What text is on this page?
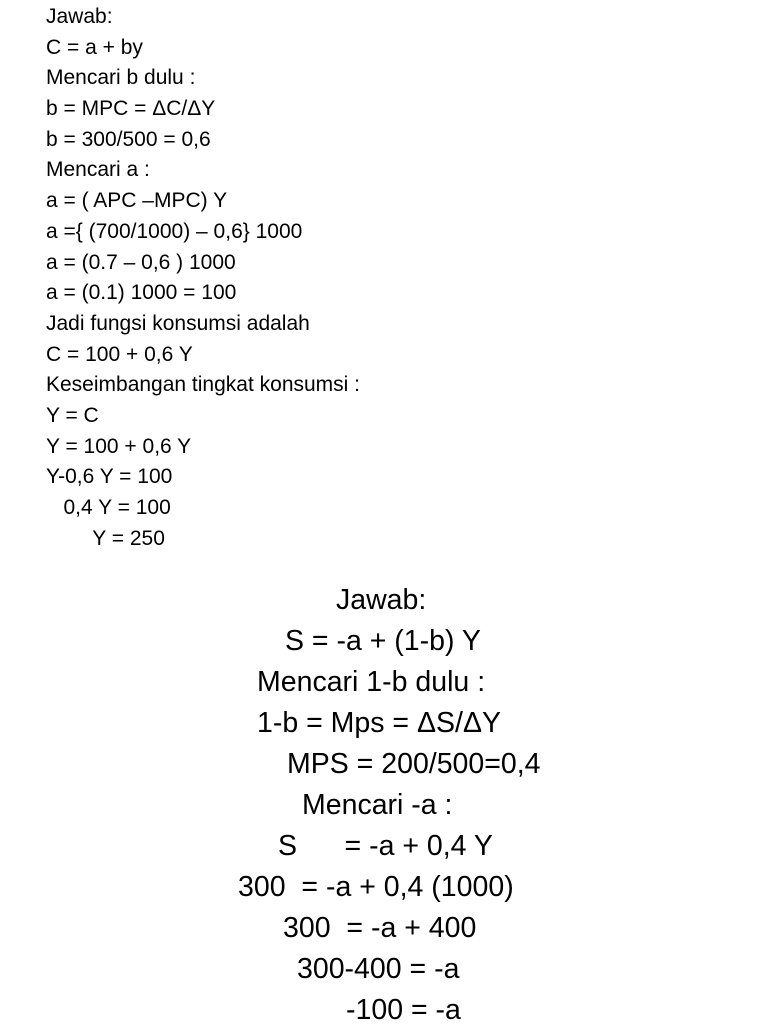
Jawab:
C = a + by
Mencari b dulu :
b = MPC = ΔC/ΔY
b = 300/500 = 0,6
Mencari a :
a = ( APC –MPC) Y
a ={ (700/1000) – 0,6} 1000
a = (0.7 – 0,6 ) 1000
a = (0.1) 1000 = 100
Jadi fungsi konsumsi adalah
C = 100 + 0,6 Y
Keseimbangan tingkat konsumsi :
Y = C
Y = 100 + 0,6 Y
Y-0,6 Y = 100
0,4 Y = 100
Y = 250
Jawab:
S = -a + (1-b) Y
Mencari 1-b dulu :
1-b = Mps = ΔS/ΔY
MPS = 200/500=0,4
Mencari -a :
S      = -a + 0,4 Y
300  = -a + 0,4 (1000)
300  = -a + 400
300-400 = -a
-100 = -a
